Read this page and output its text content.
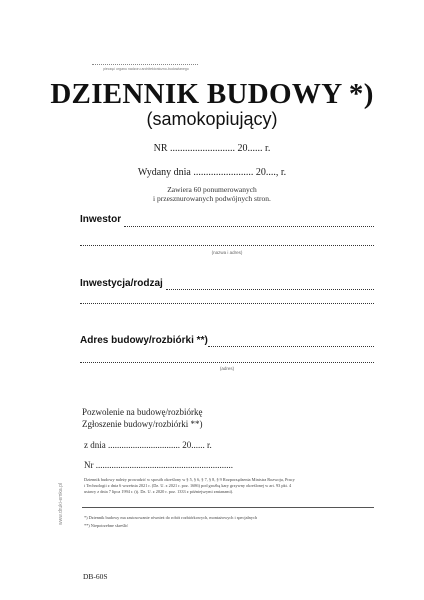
pieczęć organu nadzoru architektoniczno-budowlanego
DZIENNIK BUDOWY *)
(samokopiujący)
NR .......................... 20...... r.
Wydany dnia ........................ 20...., r.
Zawiera 60 ponumerowanych
i przesznurowanych podwójnych stron.
Inwestor
(nazwa i adres)
Inwestycja/rodzaj
Adres budowy/rozbiórki **)
(adres)
Pozwolenie na budowę/rozbiórkę
Zgłoszenie budowy/rozbiórki **)
z dnia ................................ 20...... r.
Nr .............................................................
Dziennik budowy należy prowadzić w sposób określony w § 5, § 6, § 7, § 8, § 9 Rozporządzenia Ministra Rozwoju, Pracy
i Technologii z dnia 6 września 2021 r. (Dz. U. z 2021 r. poz. 1686) pod groźbą kary grzywny określonej w art. 93 pkt. 4
ustawy z dnia 7 lipca 1994 r. (tj. Dz. U. z 2020 r. poz. 1333 z późniejszymi zmianami).
*) Dziennik budowy ma zastosowanie również do robót rozbiórkowych, montażowych i specjalnych
**) Niepotrzebne skreślić
www.druki-emka.pl
DB-60S
